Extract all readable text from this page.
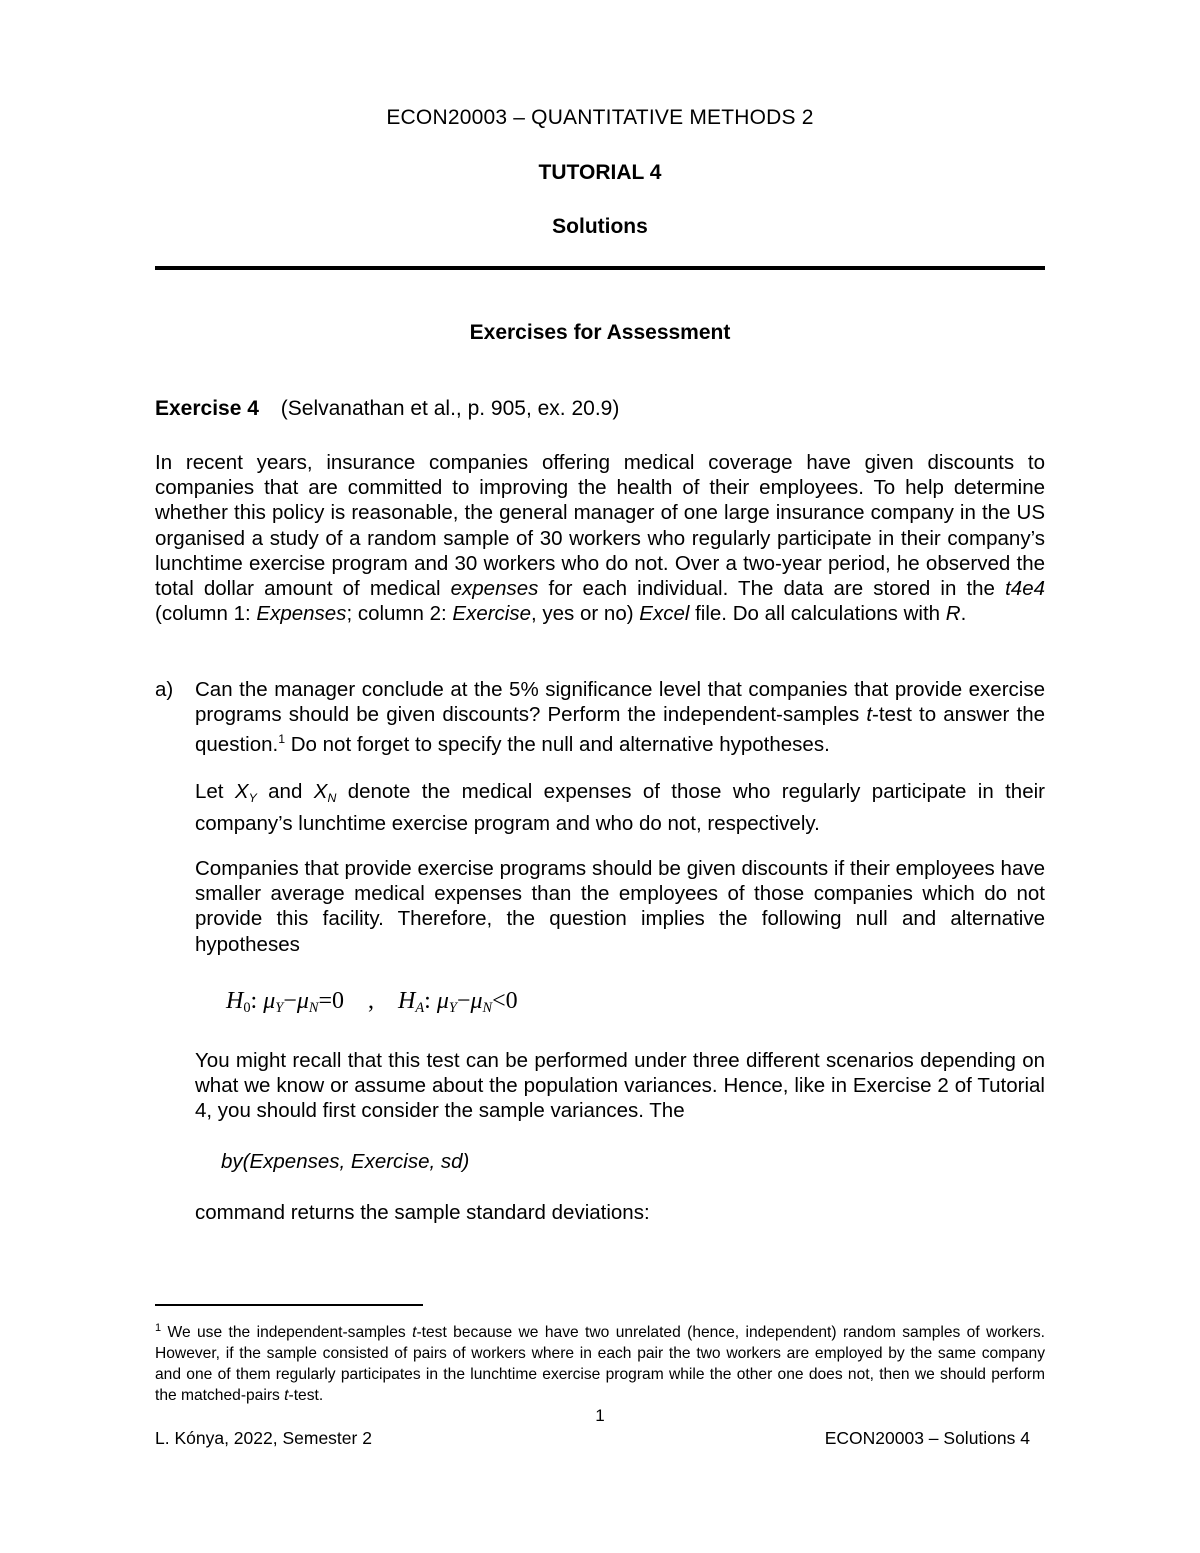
ECON20003 – QUANTITATIVE METHODS 2
TUTORIAL 4
Solutions
Exercises for Assessment
Exercise 4 (Selvanathan et al., p. 905, ex. 20.9)
In recent years, insurance companies offering medical coverage have given discounts to companies that are committed to improving the health of their employees. To help determine whether this policy is reasonable, the general manager of one large insurance company in the US organised a study of a random sample of 30 workers who regularly participate in their company’s lunchtime exercise program and 30 workers who do not. Over a two-year period, he observed the total dollar amount of medical expenses for each individual. The data are stored in the t4e4 (column 1: Expenses; column 2: Exercise, yes or no) Excel file. Do all calculations with R.
a) Can the manager conclude at the 5% significance level that companies that provide exercise programs should be given discounts? Perform the independent-samples t-test to answer the question.$^1$ Do not forget to specify the null and alternative hypotheses.
Let $X_Y$ and $X_N$ denote the medical expenses of those who regularly participate in their company’s lunchtime exercise program and who do not, respectively.
Companies that provide exercise programs should be given discounts if their employees have smaller average medical expenses than the employees of those companies which do not provide this facility. Therefore, the question implies the following null and alternative hypotheses
$H_0$: $\mu_Y-\mu_N=0$ , $H_A$: $\mu_Y-\mu_N<0$
You might recall that this test can be performed under three different scenarios depending on what we know or assume about the population variances. Hence, like in Exercise 2 of Tutorial 4, you should first consider the sample variances. The
by(Expenses, Exercise, sd)
command returns the sample standard deviations:
$^1$ We use the independent-samples t-test because we have two unrelated (hence, independent) random samples of workers. However, if the sample consisted of pairs of workers where in each pair the two workers are employed by the same company and one of them regularly participates in the lunchtime exercise program while the other one does not, then we should perform the matched-pairs t-test.
1
L. Kónya, 2022, Semester 2	ECON20003 – Solutions 4
